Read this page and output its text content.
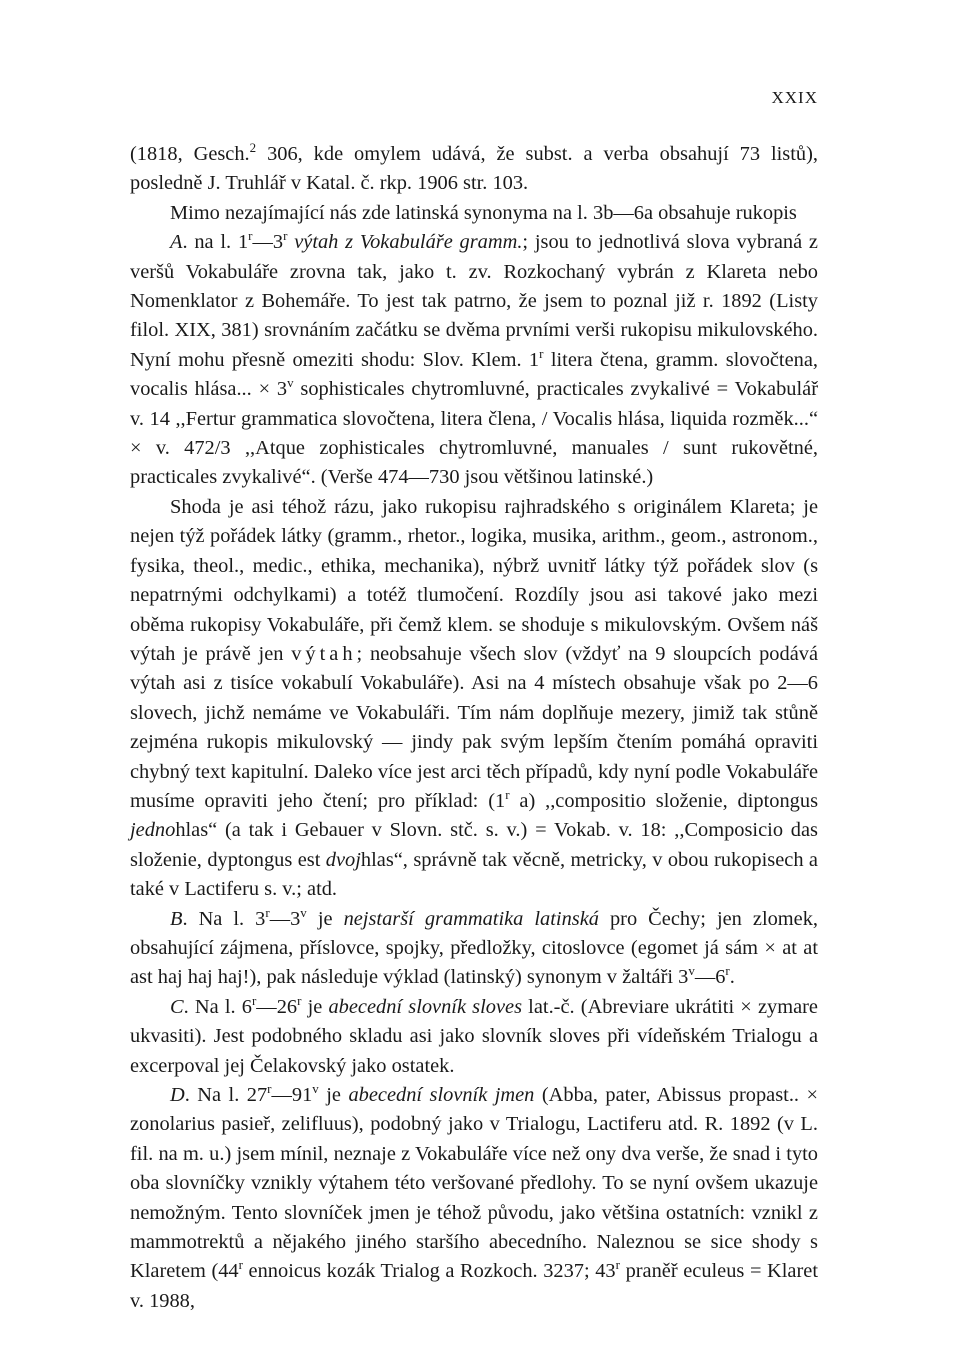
XXIX

(1818, Gesch.$^2$ 306, kde omylem udává, že subst. a verba obsahují 73 listů), posledně J. Truhlář v Katal. č. rkp. 1906 str. 103.

Mimo nezajímající nás zde latinská synonyma na l. 3b—6a obsahuje rukopis

A. na l. 1$^r$—3$^r$ výtah z Vokabuláře gramm.; jsou to jednotlivá slova vybraná z veršů Vokabuláře zrovna tak, jako t. zv. Rozkochaný vybrán z Klareta nebo Nomenklator z Bohemáře. To jest tak patrno, že jsem to poznal již r. 1892 (Listy filol. XIX, 381) srovnáním začátku se dvěma prvními verši rukopisu mikulovského. Nyní mohu přesně omeziti shodu: Slov. Klem. 1$^r$ litera čtena, gramm. slovočtena, vocalis hlása... × $3^v$ sophisticales chytromluvné, practicales zvykalivé = Vokabulář v. 14 ,,Fertur grammatica slovočtena, litera člena, / Vocalis hlása, liquida rozměk...“ × v. 472/3 ,,Atque zophisticales chytromluvné, manuales / sunt rukovětné, practicales zvykalivé“. (Verše 474—730 jsou většinou latinské.)

Shoda je asi téhož rázu, jako rukopisu rajhradského s originálem Klareta; je nejen týž pořádek látky (gramm., rhetor., logika, musika, arithm., geom., astronom., fysika, theol., medic., ethika, mechanika), nýbrž uvnitř látky týž pořádek slov (s nepatrnými odchylkami) a totéž tlumočení. Rozdíly jsou asi takové jako mezi oběma rukopisy Vokabuláře, při čemž klem. se shoduje s mikulovským. Ovšem náš výtah je právě jen výtah; neobsahuje všech slov (vždyť na 9 sloupcích podává výtah asi z tisíce vokabulí Vokabuláře). Asi na 4 místech obsahuje však po 2—6 slovech, jichž nemáme ve Vokabuláři. Tím nám doplňuje mezery, jimiž tak stůně zejména rukopis mikulovský — jindy pak svým lepším čtením pomáhá opraviti chybný text kapitulní. Daleko více jest arci těch případů, kdy nyní podle Vokabuláře musíme opraviti jeho čtení; pro příklad: (1$^r$ a) ,,compositio složenie, diptongus jednohlas“ (a tak i Gebauer v Slovn. stč. s. v.) = Vokab. v. 18: ,,Composicio das složenie, dyptongus est dvojhlas“, správně tak věcně, metricky, v obou rukopisech a také v Lactiferu s. v.; atd.

B. Na l. 3$^r$—3$^v$ je nejstarší grammatika latinská pro Čechy; jen zlomek, obsahující zájmena, příslovce, spojky, předložky, citoslovce (egomet já sám × at at ast haj haj haj!), pak následuje výklad (latinský) synonym v žaltáři 3$^v$—6$^r$.

C. Na l. 6$^r$—26$^r$ je abecední slovník sloves lat.-č. (Abreviare ukrátiti × zymare ukvasiti). Jest podobného skladu asi jako slovník sloves při vídeňském Trialogu a excerpoval jej Čelakovský jako ostatek.

D. Na l. 27$^r$—91$^v$ je abecední slovník jmen (Abba, pater, Abissus propast.. × zonolarius pasieř, zelifluus), podobný jako v Trialogu, Lactiferu atd. R. 1892 (v L. fil. na m. u.) jsem mínil, neznaje z Vokabuláře více než ony dva verše, že snad i tyto oba slovníčky vznikly výtahem této veršované předlohy. To se nyní ovšem ukazuje nemožným. Tento slovníček jmen je téhož původu, jako většina ostatních: vznikl z mammotrektů a nějakého jiného staršího abecedního. Naleznou se sice shody s Klaretem (44$^r$ ennoicus kozák Trialog a Rozkoch. 3237; 43$^r$ praněř eculeus = Klaret v. 1988,
